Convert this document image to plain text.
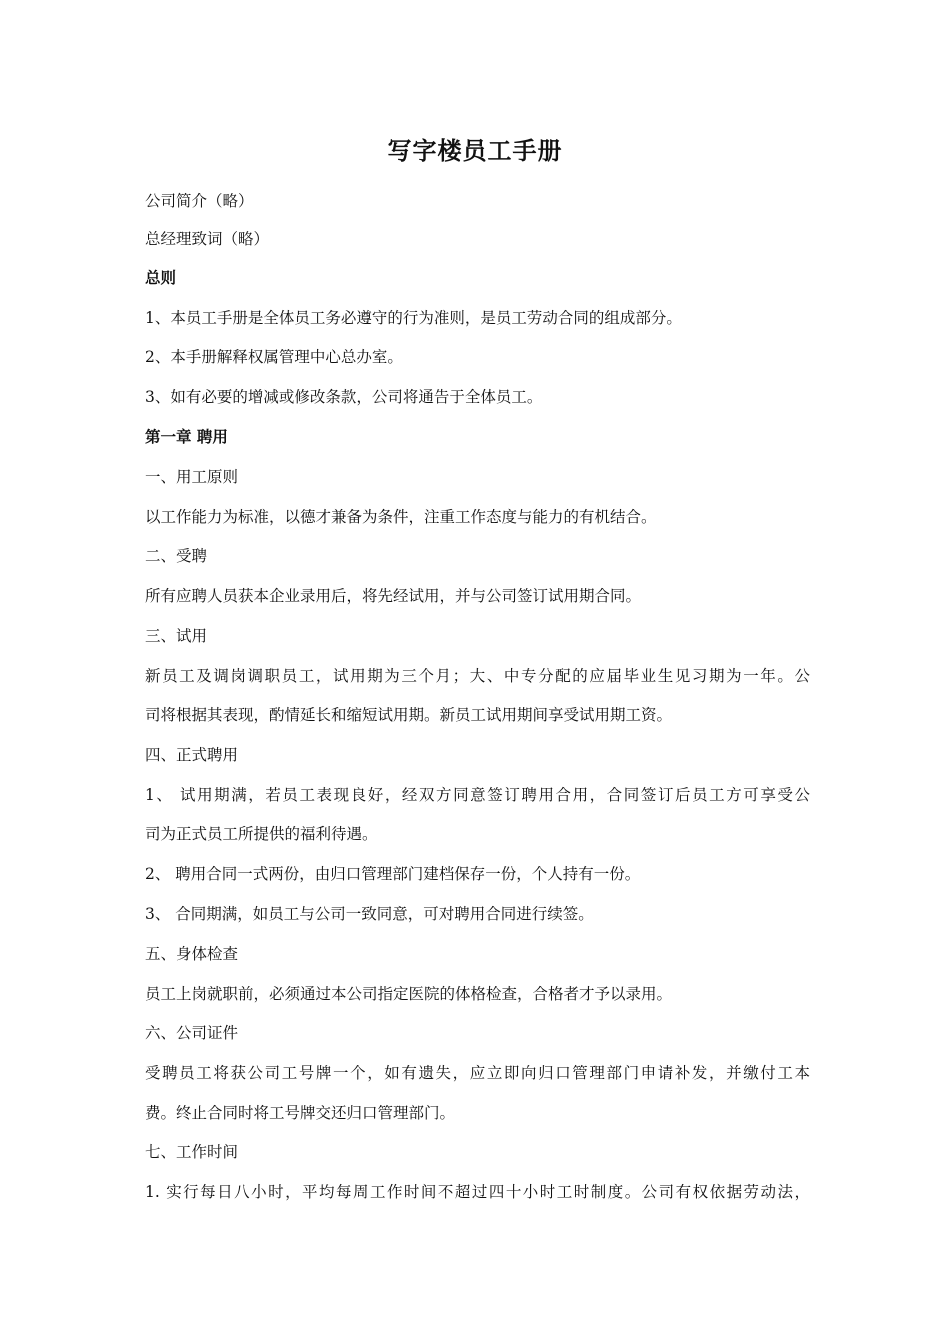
写字楼员工手册
公司简介（略）
总经理致词（略）
总则
1、本员工手册是全体员工务必遵守的行为准则，是员工劳动合同的组成部分。
2、本手册解释权属管理中心总办室。
3、如有必要的增减或修改条款，公司将通告于全体员工。
第一章 聘用
一、用工原则
以工作能力为标准，以德才兼备为条件，注重工作态度与能力的有机结合。
二、受聘
所有应聘人员获本企业录用后，将先经试用，并与公司签订试用期合同。
三、试用
新员工及调岗调职员工，试用期为三个月；大、中专分配的应届毕业生见习期为一年。公
司将根据其表现，酌情延长和缩短试用期。新员工试用期间享受试用期工资。
四、正式聘用
1、 试用期满，若员工表现良好，经双方同意签订聘用合用，合同签订后员工方可享受公
司为正式员工所提供的福利待遇。
2、 聘用合同一式两份，由归口管理部门建档保存一份，个人持有一份。
3、 合同期满，如员工与公司一致同意，可对聘用合同进行续签。
五、身体检查
员工上岗就职前，必须通过本公司指定医院的体格检查，合格者才予以录用。
六、公司证件
受聘员工将获公司工号牌一个，如有遗失，应立即向归口管理部门申请补发，并缴付工本
费。终止合同时将工号牌交还归口管理部门。
七、工作时间
1. 实行每日八小时，平均每周工作时间不超过四十小时工时制度。公司有权依据劳动法，
